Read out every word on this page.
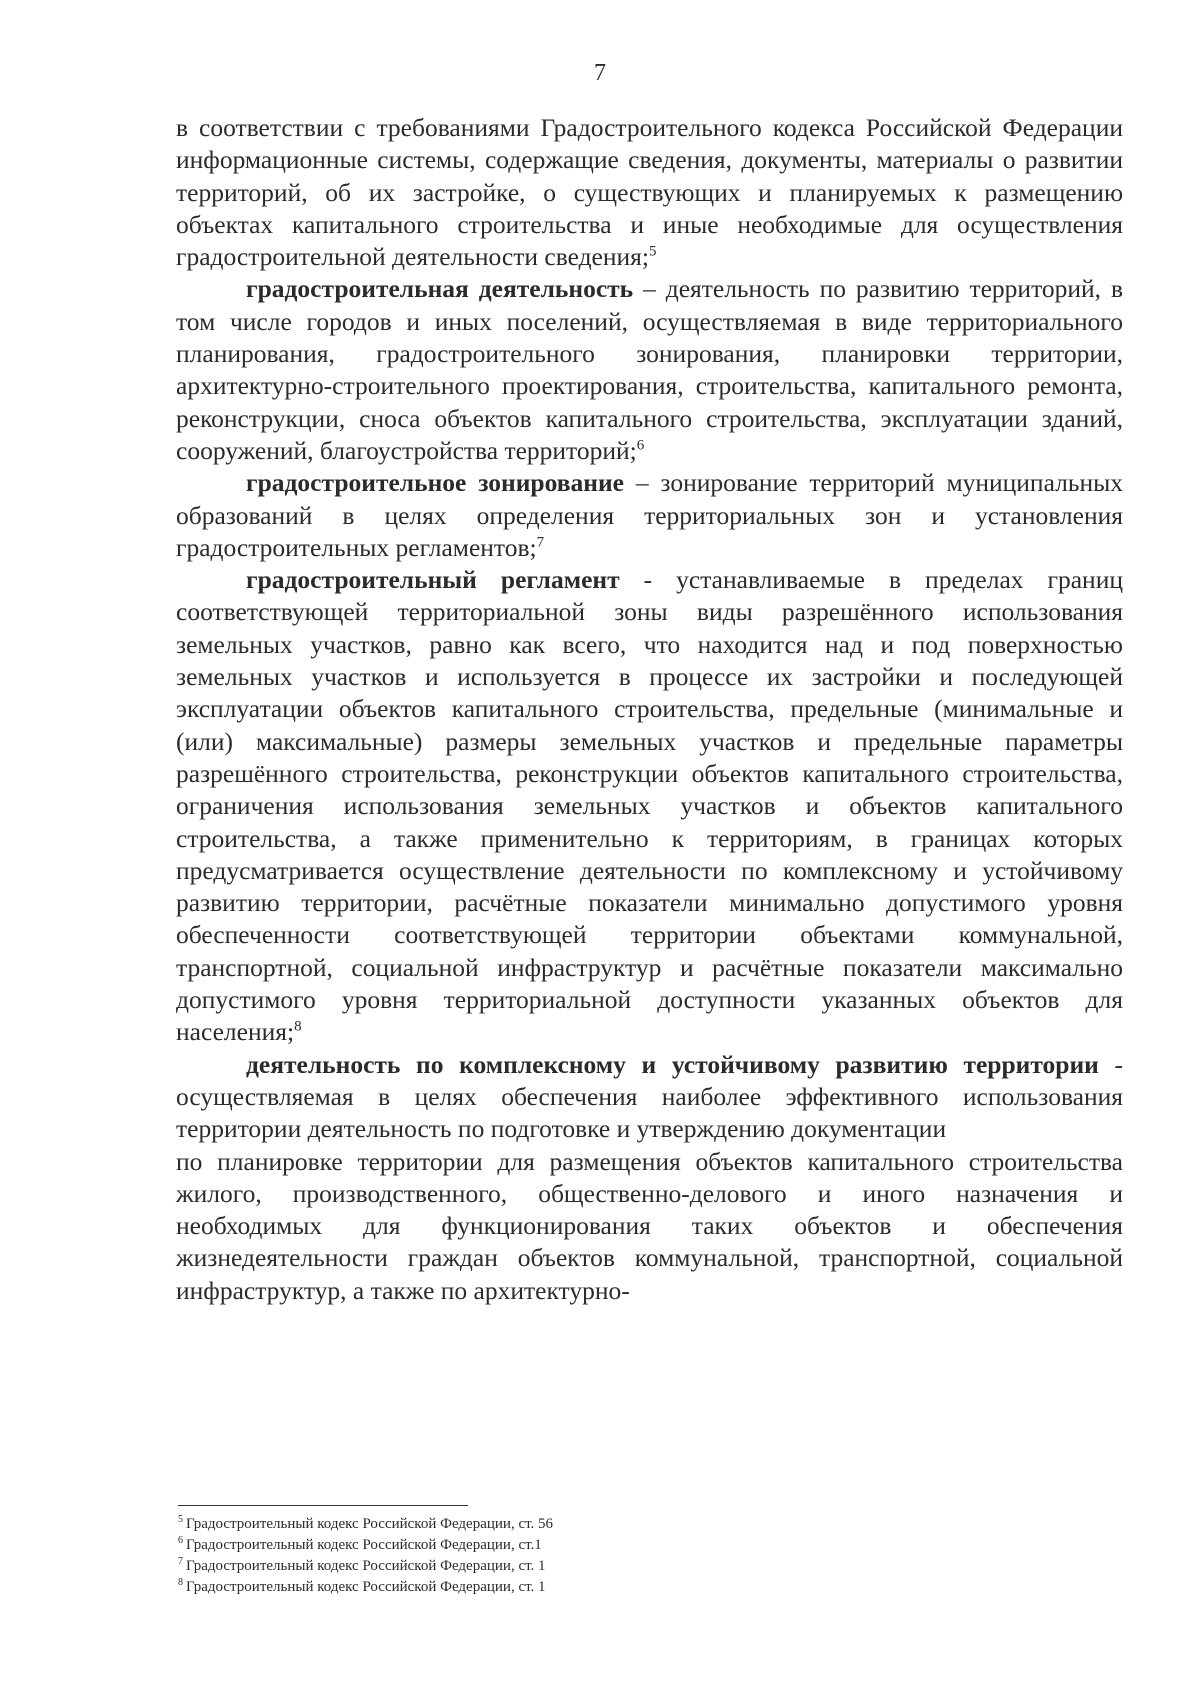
7

в соответствии с требованиями Градостроительного кодекса Российской Федерации информационные системы, содержащие сведения, документы, материалы о развитии территорий, об их застройке, о существующих и планируемых к размещению объектах капитального строительства и иные необходимые для осуществления градостроительной деятельности сведения;$^5$

градостроительная деятельность – деятельность по развитию территорий, в том числе городов и иных поселений, осуществляемая в виде территориального планирования, градостроительного зонирования, планировки территории, архитектурно-строительного проектирования, строительства, капитального ремонта, реконструкции, сноса объектов капитального строительства, эксплуатации зданий, сооружений, благоустройства территорий;$^6$

градостроительное зонирование – зонирование территорий муниципальных образований в целях определения территориальных зон и установления градостроительных регламентов;$^7$

градостроительный регламент - устанавливаемые в пределах границ соответствующей территориальной зоны виды разрешённого использования земельных участков, равно как всего, что находится над и под поверхностью земельных участков и используется в процессе их застройки и последующей эксплуатации объектов капитального строительства, предельные (минимальные и (или) максимальные) размеры земельных участков и предельные параметры разрешённого строительства, реконструкции объектов капитального строительства, ограничения использования земельных участков и объектов капитального строительства, а также применительно к территориям, в границах которых предусматривается осуществление деятельности по комплексному и устойчивому развитию территории, расчётные показатели минимально допустимого уровня обеспеченности соответствующей территории объектами коммунальной, транспортной, социальной инфраструктур и расчётные показатели максимально допустимого уровня территориальной доступности указанных объектов для населения;$^8$

деятельность по комплексному и устойчивому развитию территории - осуществляемая в целях обеспечения наиболее эффективного использования территории деятельность по подготовке и утверждению документации

по планировке территории для размещения объектов капитального строительства жилого, производственного, общественно-делового и иного назначения и необходимых для функционирования таких объектов и обеспечения жизнедеятельности граждан объектов коммунальной, транспортной, социальной инфраструктур, а также по архитектурно-

$^5$ Градостроительный кодекс Российской Федерации, ст. 56

$^6$ Градостроительный кодекс Российской Федерации, ст.1

$^7$ Градостроительный кодекс Российской Федерации, ст. 1

$^8$ Градостроительный кодекс Российской Федерации, ст. 1
